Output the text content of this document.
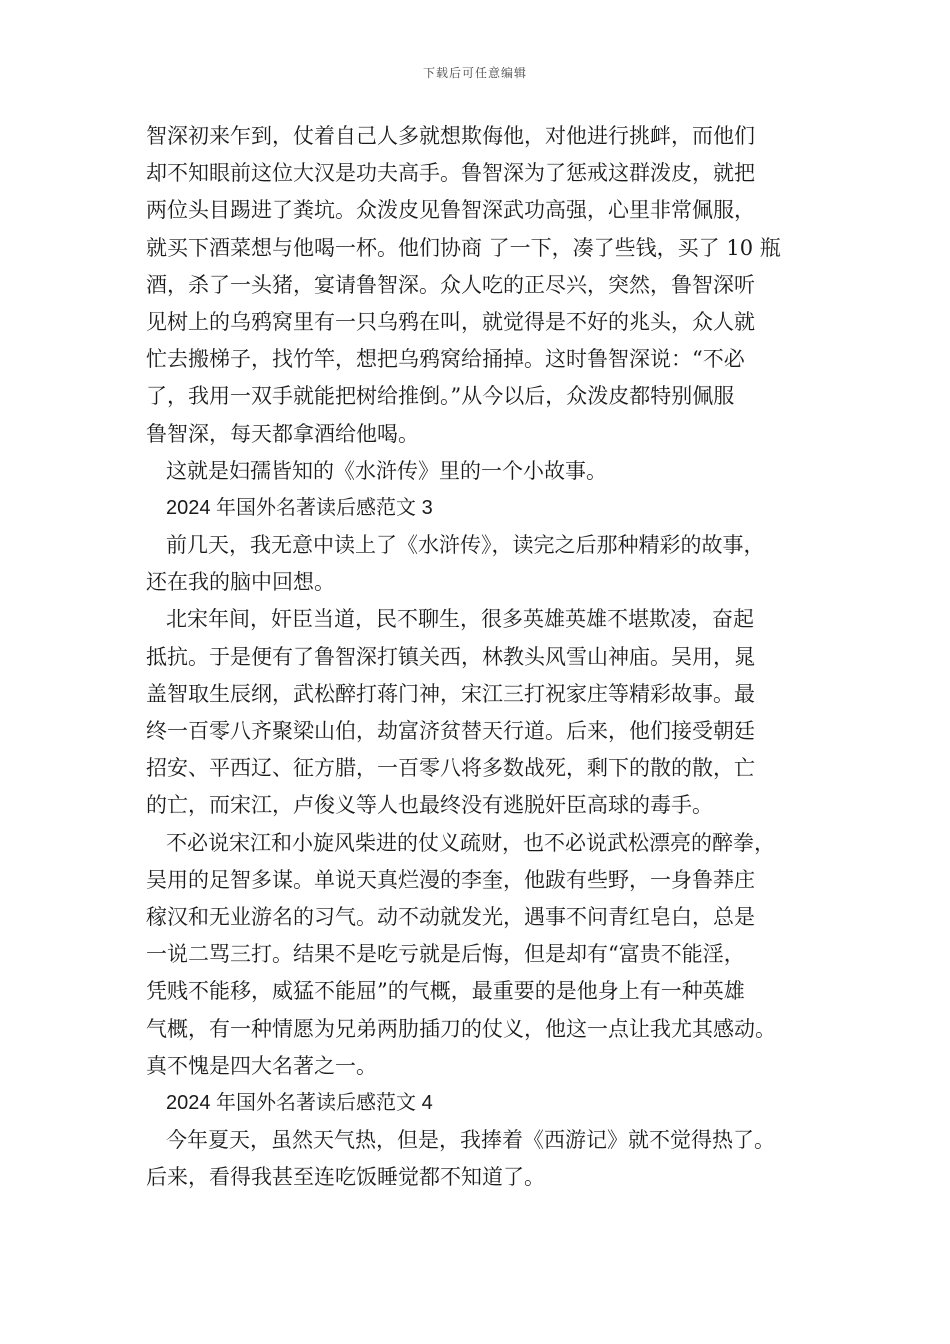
下载后可任意编辑
智深初来乍到，仗着自己人多就想欺侮他，对他进行挑衅，而他们
却不知眼前这位大汉是功夫高手。鲁智深为了惩戒这群泼皮，就把
两位头目踢进了粪坑。众泼皮见鲁智深武功高强，心里非常佩服，
就买下酒菜想与他喝一杯。他们协商 了一下，凑了些钱，买了 10 瓶
酒，杀了一头猪，宴请鲁智深。众人吃的正尽兴，突然，鲁智深听
见树上的乌鸦窝里有一只乌鸦在叫，就觉得是不好的兆头，众人就
忙去搬梯子，找竹竿，想把乌鸦窝给捅掉。这时鲁智深说：“不必
了，我用一双手就能把树给推倒。”从今以后，众泼皮都特别佩服
鲁智深，每天都拿酒给他喝。
这就是妇孺皆知的《水浒传》里的一个小故事。
2024 年国外名著读后感范文 3
前几天，我无意中读上了《水浒传》，读完之后那种精彩的故事，
还在我的脑中回想。
北宋年间，奸臣当道，民不聊生，很多英雄英雄不堪欺凌，奋起
抵抗。于是便有了鲁智深打镇关西，林教头风雪山神庙。吴用，晁
盖智取生辰纲，武松醉打蒋门神，宋江三打祝家庄等精彩故事。最
终一百零八齐聚梁山伯，劫富济贫替天行道。后来，他们接受朝廷
招安、平西辽、征方腊，一百零八将多数战死，剩下的散的散，亡
的亡，而宋江，卢俊义等人也最终没有逃脱奸臣高球的毒手。
不必说宋江和小旋风柴进的仗义疏财，也不必说武松漂亮的醉拳，
吴用的足智多谋。单说天真烂漫的李奎，他跋有些野，一身鲁莽庄
稼汉和无业游名的习气。动不动就发光，遇事不问青红皂白，总是
一说二骂三打。结果不是吃亏就是后悔，但是却有“富贵不能淫，
凭贱不能移，威猛不能屈”的气概，最重要的是他身上有一种英雄
气概，有一种情愿为兄弟两肋插刀的仗义，他这一点让我尤其感动。
真不愧是四大名著之一。
2024 年国外名著读后感范文 4
今年夏天，虽然天气热，但是，我捧着《西游记》就不觉得热了。
后来，看得我甚至连吃饭睡觉都不知道了。
